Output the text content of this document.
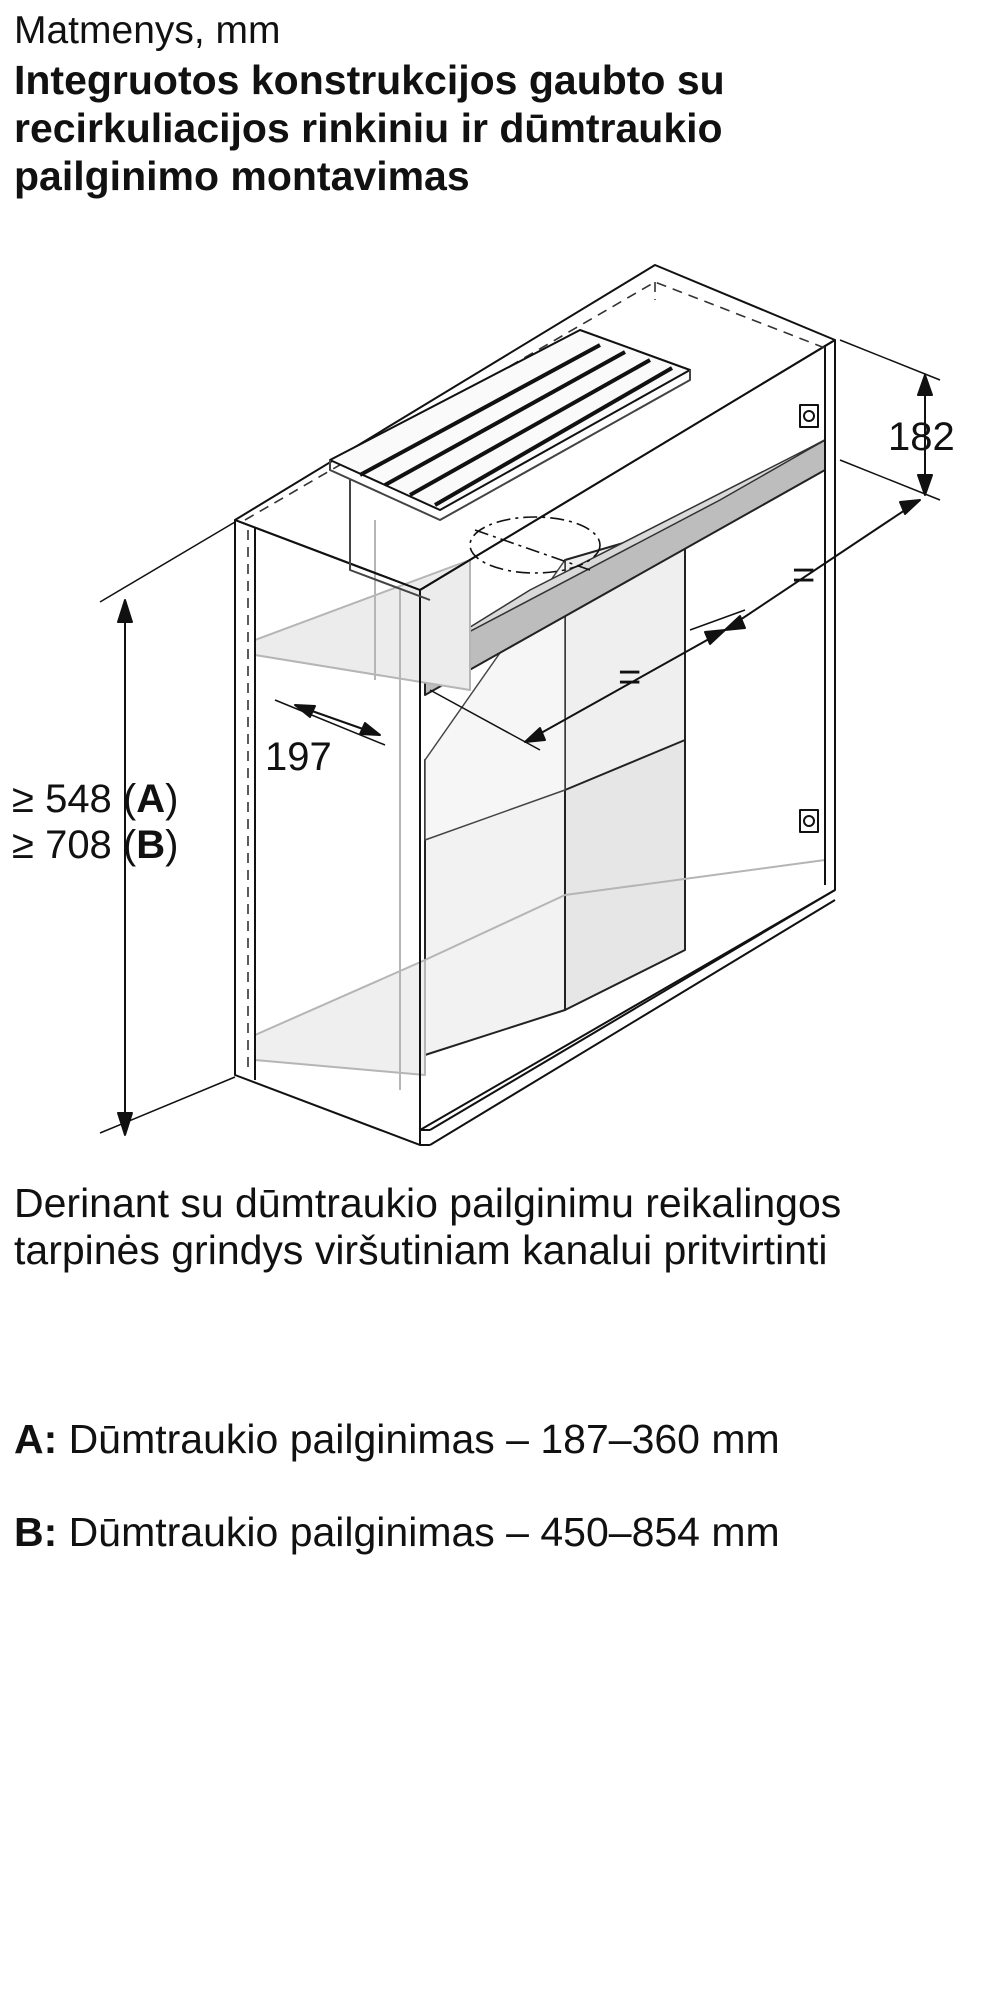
Matmenys, mm
Integruotos konstrukcijos gaubto su
recirkuliacijos rinkiniu ir dūmtraukio
pailginimo montavimas
197
182
=
=
≥ 548 (A)
≥ 708 (B)
Derinant su dūmtraukio pailginimu reikalingos
tarpinės grindys viršutiniam kanalui pritvirtinti
A: Dūmtraukio pailginimas – 187–360 mm
B: Dūmtraukio pailginimas – 450–854 mm
